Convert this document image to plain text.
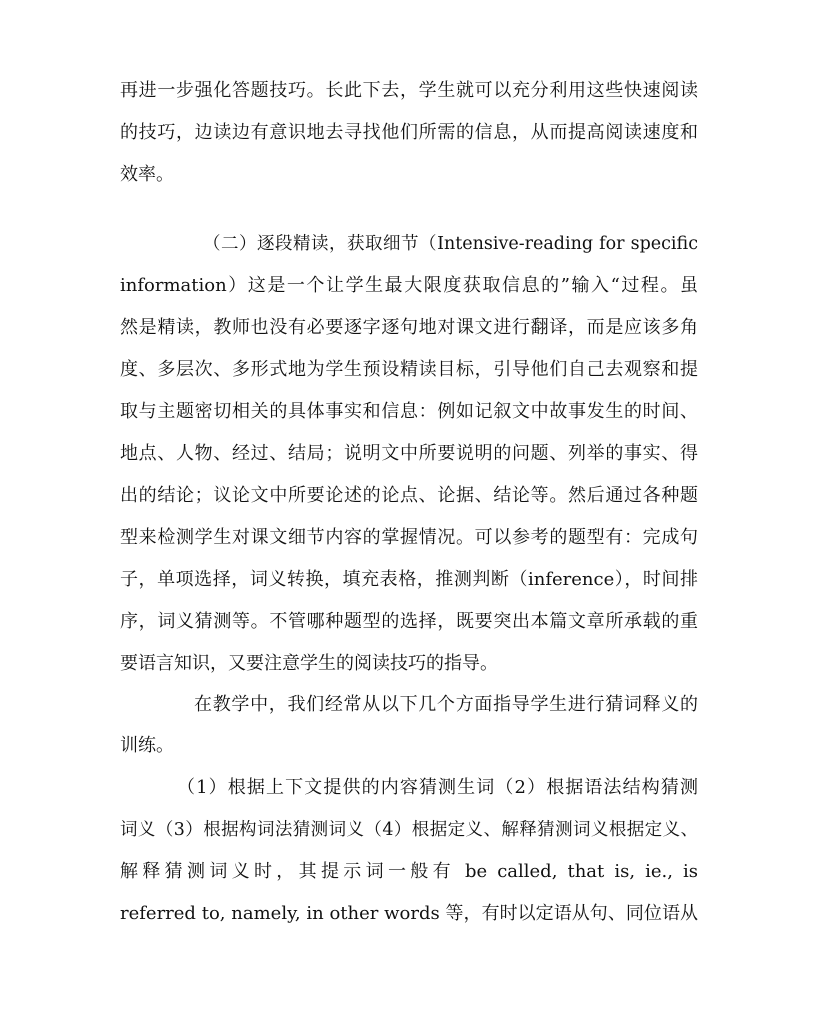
再进一步强化答题技巧。长此下去，学生就可以充分利用这些快速阅读
的技巧，边读边有意识地去寻找他们所需的信息，从而提高阅读速度和
效率。
（二）逐段精读，获取细节（Intensive-reading for specific
information）这是一个让学生最大限度获取信息的”输入“过程。虽
然是精读，教师也没有必要逐字逐句地对课文进行翻译，而是应该多角
度、多层次、多形式地为学生预设精读目标，引导他们自己去观察和提
取与主题密切相关的具体事实和信息：例如记叙文中故事发生的时间、
地点、人物、经过、结局；说明文中所要说明的问题、列举的事实、得
出的结论；议论文中所要论述的论点、论据、结论等。然后通过各种题
型来检测学生对课文细节内容的掌握情况。可以参考的题型有：完成句
子，单项选择，词义转换，填充表格，推测判断（inference），时间排
序，词义猜测等。不管哪种题型的选择，既要突出本篇文章所承载的重
要语言知识，又要注意学生的阅读技巧的指导。
在教学中，我们经常从以下几个方面指导学生进行猜词释义的
训练。
（1）根据上下文提供的内容猜测生词（2）根据语法结构猜测
词义（3）根据构词法猜测词义（4）根据定义、解释猜测词义根据定义、
解释猜测词义时，其提示词一般有 be called, that is, ie., is
referred to, namely, in other words 等，有时以定语从句、同位语从
